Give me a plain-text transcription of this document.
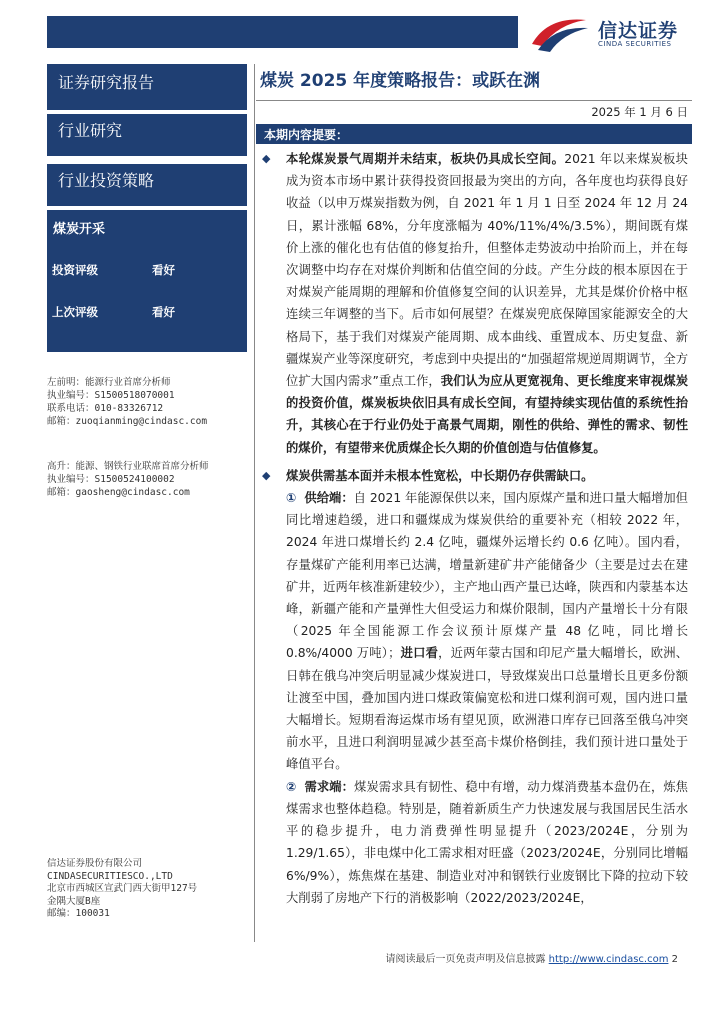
信达证券
CINDA SECURITIES
证券研究报告
行业研究
行业投资策略
煤炭开采
投资评级	看好
上次评级	看好
左前明：能源行业首席分析师
执业编号：S1500518070001
联系电话：010-83326712
邮箱：zuoqianming@cindasc.com
高升：能源、钢铁行业联席首席分析师
执业编号：S1500524100002
邮箱：gaosheng@cindasc.com
信达证券股份有限公司
CINDASECURITIESCO.,LTD
北京市西城区宣武门西大街甲127号
金隅大厦B座
邮编：100031
煤炭 2025 年度策略报告：或跃在渊
2025 年 1 月 6 日
本期内容提要：

◆ 本轮煤炭景气周期并未结束，板块仍具成长空间。2021 年以来煤炭板块成为资本市场中累计获得投资回报最为突出的方向，各年度也均获得良好收益（以申万煤炭指数为例，自 2021 年 1 月 1 日至 2024 年 12 月 24 日，累计涨幅 68%，分年度涨幅为 40%/11%/4%/3.5%），期间既有煤价上涨的催化也有估值的修复抬升，但整体走势波动中抬阶而上，并在每次调整中均存在对煤价判断和估值空间的分歧。产生分歧的根本原因在于对煤炭产能周期的理解和价值修复空间的认识差异，尤其是煤价价格中枢连续三年调整的当下。后市如何展望？在煤炭兜底保障国家能源安全的大格局下，基于我们对煤炭产能周期、成本曲线、重置成本、历史复盘、新疆煤炭产业等深度研究，考虑到中央提出的“加强超常规逆周期调节，全方位扩大国内需求”重点工作，我们认为应从更宽视角、更长维度来审视煤炭的投资价值，煤炭板块依旧具有成长空间，有望持续实现估值的系统性抬升，其核心在于行业仍处于高景气周期，刚性的供给、弹性的需求、韧性的煤价，有望带来优质煤企长久期的价值创造与估值修复。

◆ 煤炭供需基本面并未根本性宽松，中长期仍存供需缺口。

① 供给端：自 2021 年能源保供以来，国内原煤产量和进口量大幅增加但同比增速趋缓，进口和疆煤成为煤炭供给的重要补充（相较 2022 年，2024 年进口煤增长约 2.4 亿吨，疆煤外运增长约 0.6 亿吨）。国内看，存量煤矿产能利用率已达满，增量新建矿井产能储备少（主要是过去在建矿井，近两年核准新建较少），主产地山西产量已达峰，陕西和内蒙基本达峰，新疆产能和产量弹性大但受运力和煤价限制，国内产量增长十分有限（2025 年全国能源工作会议预计原煤产量 48 亿吨，同比增长 0.8%/4000 万吨）；进口看，近两年蒙古国和印尼产量大幅增长，欧洲、日韩在俄乌冲突后明显减少煤炭进口，导致煤炭出口总量增长且更多份额让渡至中国，叠加国内进口煤政策偏宽松和进口煤利润可观，国内进口量大幅增长。短期看海运煤市场有望见顶，欧洲港口库存已回落至俄乌冲突前水平，且进口利润明显减少甚至高卡煤价格倒挂，我们预计进口量处于峰值平台。

② 需求端：煤炭需求具有韧性、稳中有增，动力煤消费基本盘仍在，炼焦煤需求也整体趋稳。特别是，随着新质生产力快速发展与我国居民生活水平的稳步提升，电力消费弹性明显提升（2023/2024E，分别为 1.29/1.65），非电煤中化工需求相对旺盛（2023/2024E，分别同比增幅 6%/9%），炼焦煤在基建、制造业对冲和钢铁行业废钢比下降的拉动下较大削弱了房地产下行的消极影响（2022/2023/2024E，

请阅读最后一页免责声明及信息披露 http://www.cindasc.com 2
